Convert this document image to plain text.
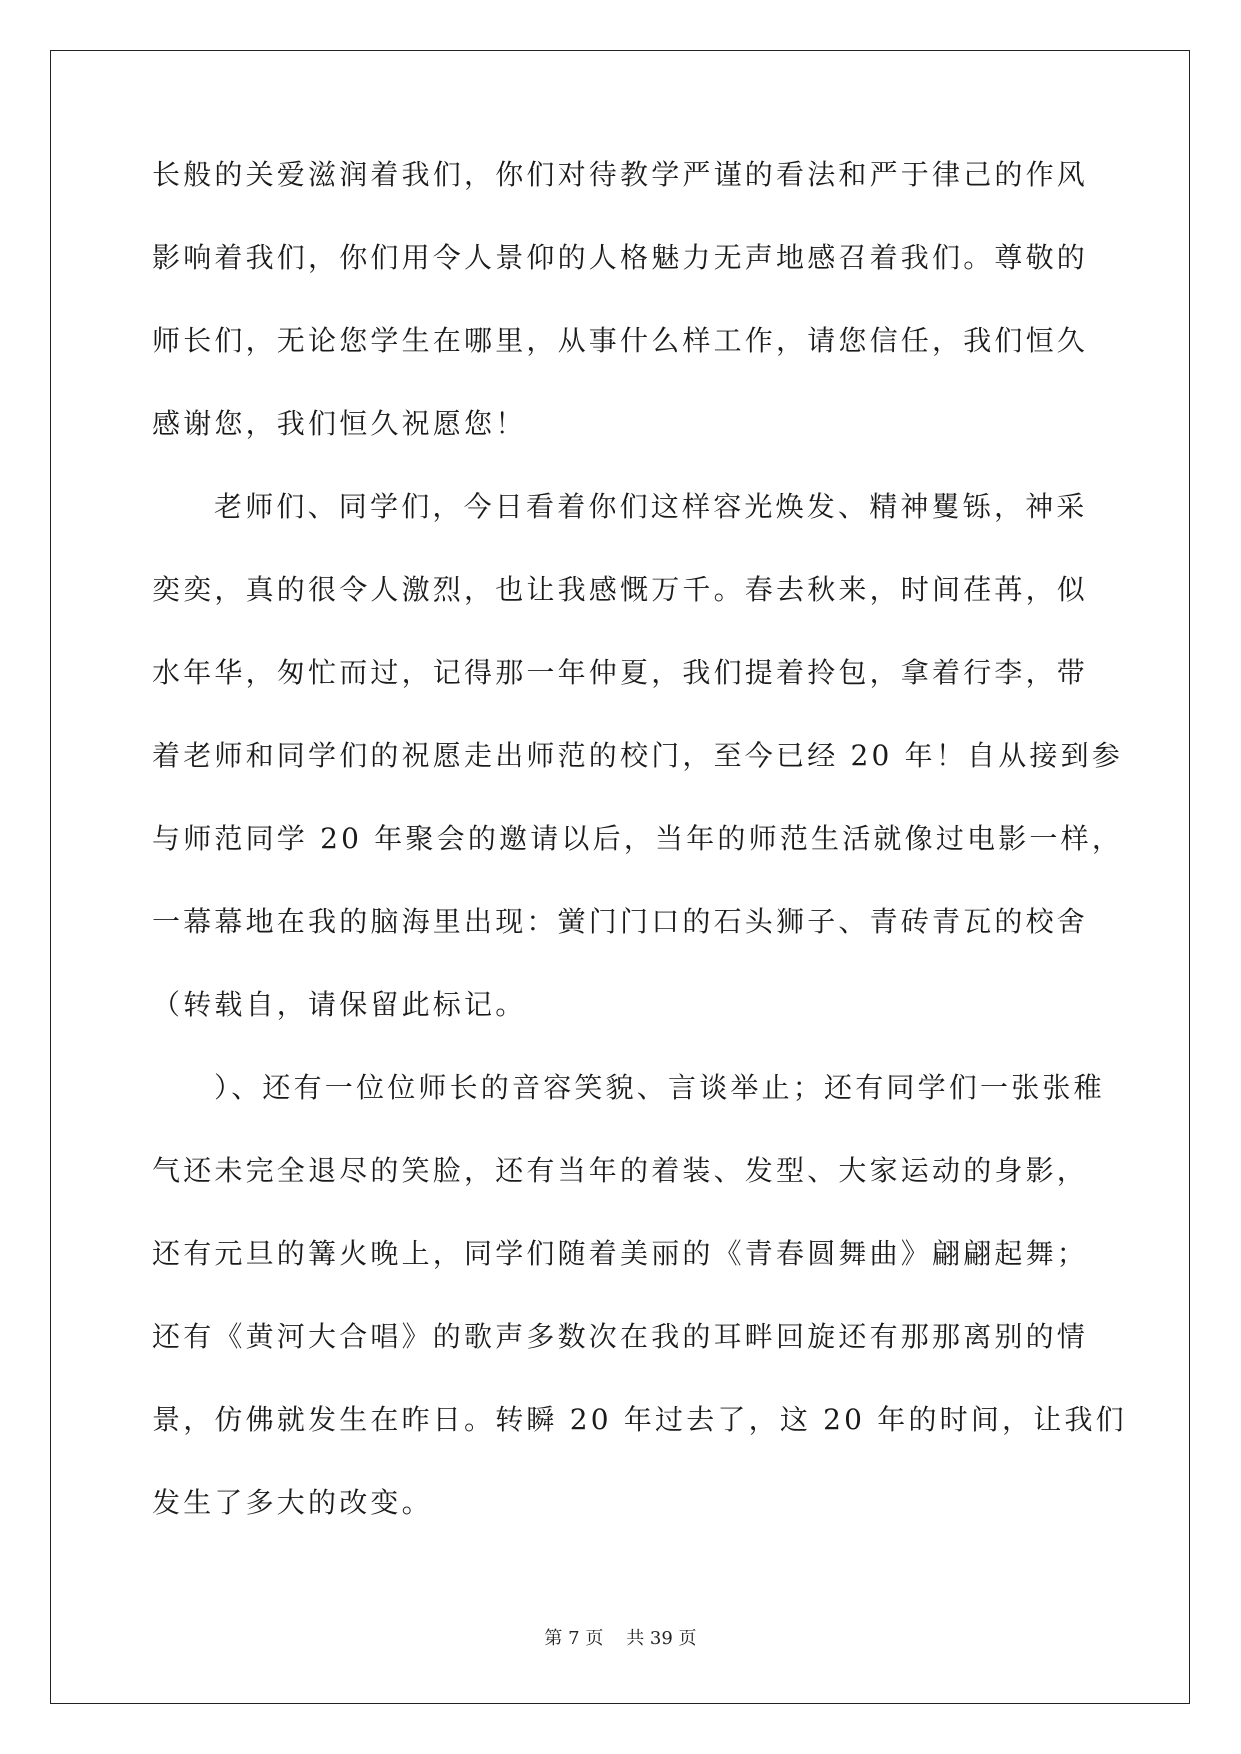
长般的关爱滋润着我们，你们对待教学严谨的看法和严于律己的作风
影响着我们，你们用令人景仰的人格魅力无声地感召着我们。尊敬的
师长们，无论您学生在哪里，从事什么样工作，请您信任，我们恒久
感谢您，我们恒久祝愿您！
老师们、同学们，今日看着你们这样容光焕发、精神矍铄，神采
奕奕，真的很令人激烈，也让我感慨万千。春去秋来，时间荏苒，似
水年华，匆忙而过，记得那一年仲夏，我们提着拎包，拿着行李，带
着老师和同学们的祝愿走出师范的校门，至今已经 20 年！自从接到参
与师范同学 20 年聚会的邀请以后，当年的师范生活就像过电影一样，
一幕幕地在我的脑海里出现：黉门门口的石头狮子、青砖青瓦的校舍
（转载自，请保留此标记。
）、还有一位位师长的音容笑貌、言谈举止；还有同学们一张张稚
气还未完全退尽的笑脸，还有当年的着装、发型、大家运动的身影，
还有元旦的篝火晚上，同学们随着美丽的《青春圆舞曲》翩翩起舞；
还有《黄河大合唱》的歌声多数次在我的耳畔回旋还有那那离别的情
景，仿佛就发生在昨日。转瞬 20 年过去了，这 20 年的时间，让我们
发生了多大的改变。
第 7 页    共 39 页
